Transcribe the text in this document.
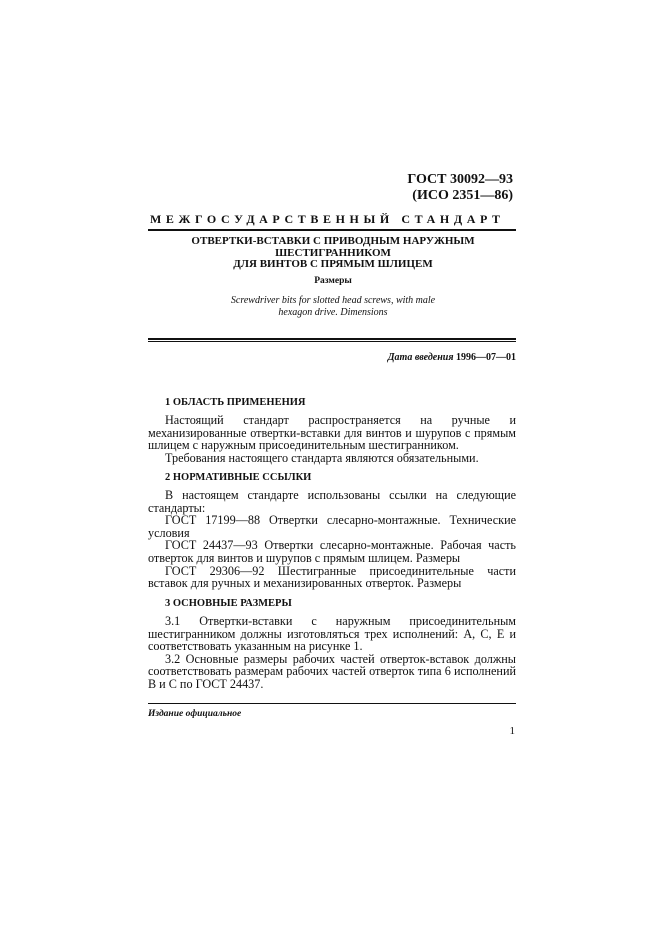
ГОСТ 30092—93
(ИСО 2351—86)
МЕЖГОСУДАРСТВЕННЫЙ СТАНДАРТ
ОТВЕРТКИ-ВСТАВКИ С ПРИВОДНЫМ НАРУЖНЫМ ШЕСТИГРАННИКОМ
ДЛЯ ВИНТОВ С ПРЯМЫМ ШЛИЦЕМ
Размеры
Screwdriver bits for slotted head screws, with male
hexagon drive. Dimensions
Дата введения 1996—07—01
1 ОБЛАСТЬ ПРИМЕНЕНИЯ

Настоящий стандарт распространяется на ручные и механизированные отвертки-вставки для винтов и шурупов с прямым шлицем с наружным присоединительным шестигранником.

Требования настоящего стандарта являются обязательными.

2 НОРМАТИВНЫЕ ССЫЛКИ

В настоящем стандарте использованы ссылки на следующие стандарты:

ГОСТ 17199—88 Отвертки слесарно-монтажные. Технические условия

ГОСТ 24437—93 Отвертки слесарно-монтажные. Рабочая часть отверток для винтов и шурупов с прямым шлицем. Размеры

ГОСТ 29306—92 Шестигранные присоединительные части вставок для ручных и механизированных отверток. Размеры

3 ОСНОВНЫЕ РАЗМЕРЫ

3.1 Отвертки-вставки с наружным присоединительным шестигранником должны изготовляться трех исполнений: А, С, Е и соответствовать указанным на рисунке 1.

3.2 Основные размеры рабочих частей отверток-вставок должны соответствовать размерам рабочих частей отверток типа 6 исполнений В и С по ГОСТ 24437.

Издание официальное
1
